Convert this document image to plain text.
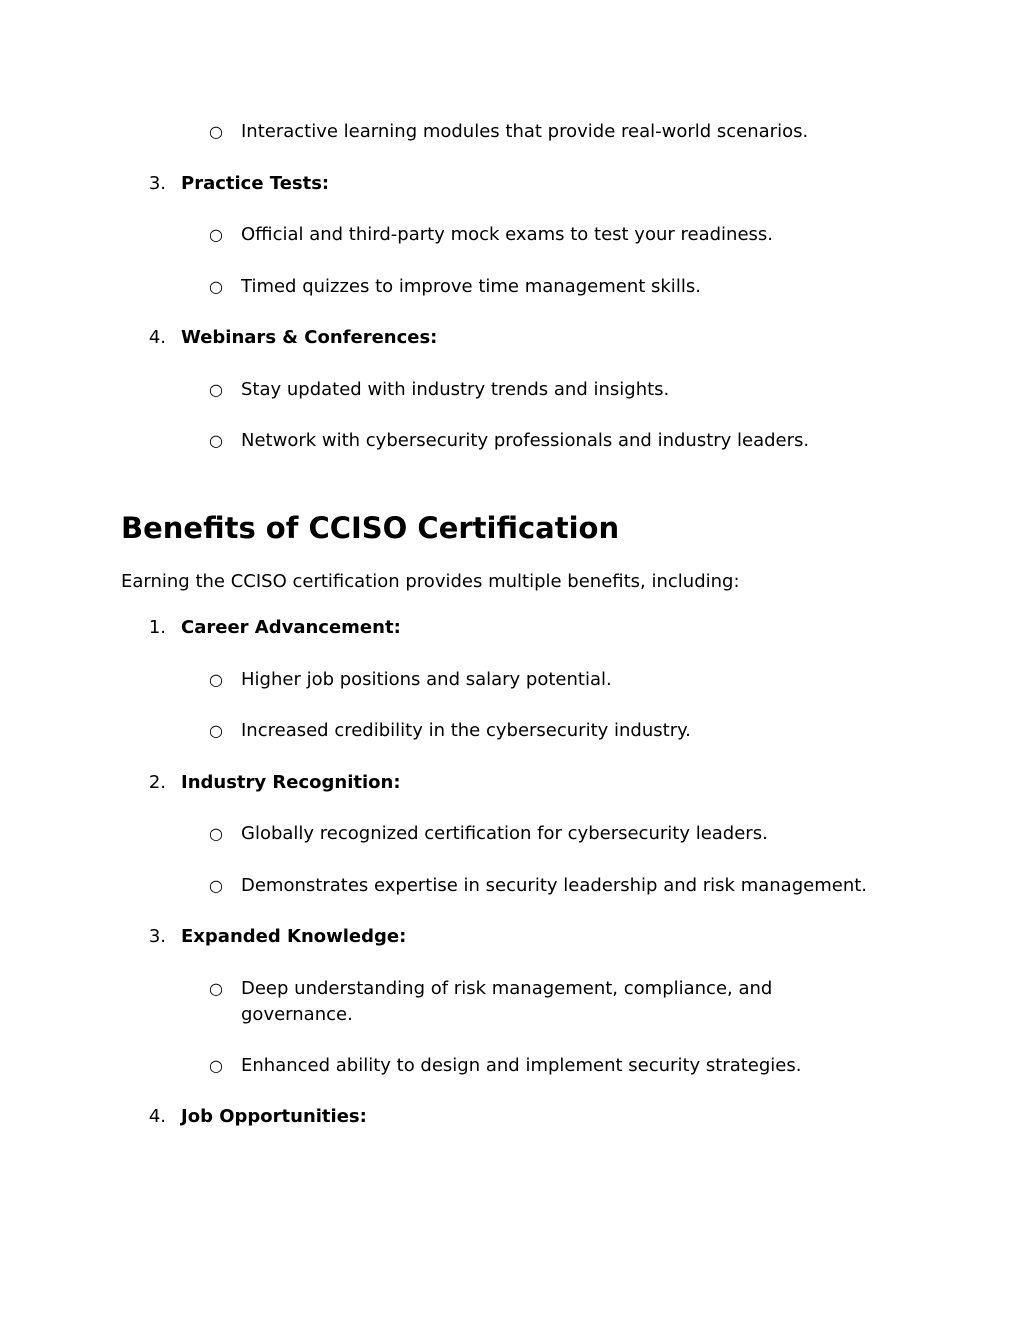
○ Interactive learning modules that provide real-world scenarios.
3. Practice Tests:
○ Official and third-party mock exams to test your readiness.
○ Timed quizzes to improve time management skills.
4. Webinars & Conferences:
○ Stay updated with industry trends and insights.
○ Network with cybersecurity professionals and industry leaders.
Benefits of CCISO Certification
Earning the CCISO certification provides multiple benefits, including:
1. Career Advancement:
○ Higher job positions and salary potential.
○ Increased credibility in the cybersecurity industry.
2. Industry Recognition:
○ Globally recognized certification for cybersecurity leaders.
○ Demonstrates expertise in security leadership and risk management.
3. Expanded Knowledge:
○ Deep understanding of risk management, compliance, and governance.
○ Enhanced ability to design and implement security strategies.
4. Job Opportunities:
